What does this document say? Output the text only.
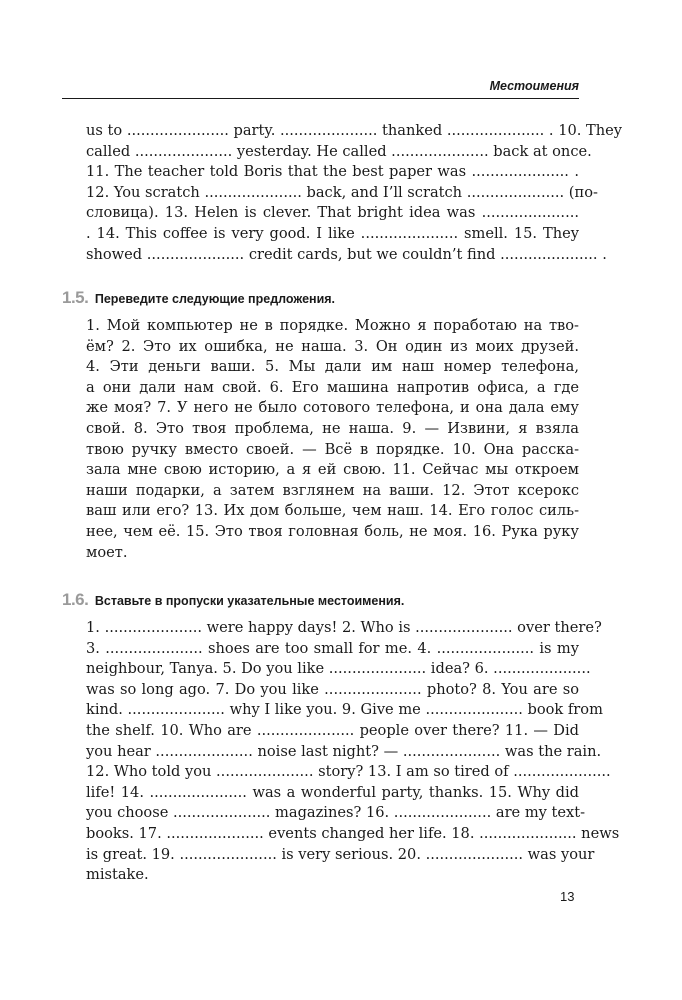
Местоимения
us to ...................... party. ..................... thanked ..................... . 10. They
called ..................... yesterday. He called ..................... back at once.
11. The teacher told Boris that the best paper was ..................... .
12. You scratch ..................... back, and I’ll scratch ..................... (по-
словица). 13. Helen is clever. That bright idea was .....................
. 14. This coffee is very good. I like ..................... smell. 15. They
showed ..................... credit cards, but we couldn’t find ..................... .
1.5. Переведите следующие предложения.
1. Мой компьютер не в порядке. Можно я поработаю на тво-
ём? 2. Это их ошибка, не наша. 3. Он один из моих друзей.
4. Эти деньги ваши. 5. Мы дали им наш номер телефона,
а они дали нам свой. 6. Его машина напротив офиса, а где
же моя? 7. У него не было сотового телефона, и она дала ему
свой. 8. Это твоя проблема, не наша. 9. — Извини, я взяла
твою ручку вместо своей. — Всё в порядке. 10. Она расска-
зала мне свою историю, а я ей свою. 11. Сейчас мы откроем
наши подарки, а затем взглянем на ваши. 12. Этот ксерокс
ваш или его? 13. Их дом больше, чем наш. 14. Его голос силь-
нее, чем её. 15. Это твоя головная боль, не моя. 16. Рука руку
моет.
1.6. Вставьте в пропуски указательные местоимения.
1. ..................... were happy days! 2. Who is ..................... over there?
3. ..................... shoes are too small for me. 4. ..................... is my
neighbour, Tanya. 5. Do you like ..................... idea? 6. .....................
was so long ago. 7. Do you like ..................... photo? 8. You are so
kind. ..................... why I like you. 9. Give me ..................... book from
the shelf. 10. Who are ..................... people over there? 11. — Did
you hear ..................... noise last night? — ..................... was the rain.
12. Who told you ..................... story? 13. I am so tired of .....................
life! 14. ..................... was a wonderful party, thanks. 15. Why did
you choose ..................... magazines? 16. ..................... are my text-
books. 17. ..................... events changed her life. 18. ..................... news
is great. 19. ..................... is very serious. 20. ..................... was your
mistake.
13
